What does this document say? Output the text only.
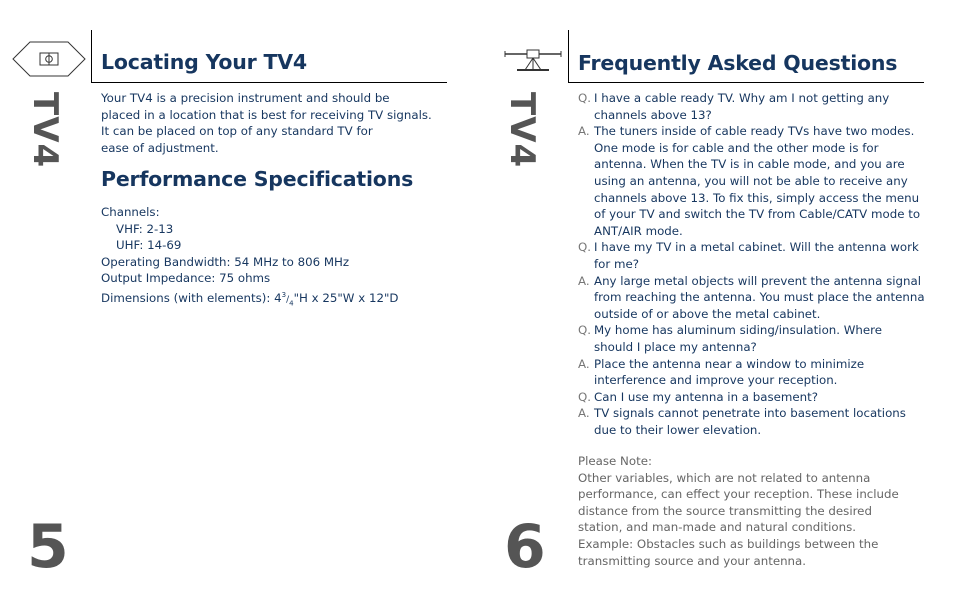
Locating Your TV4
TV4	Your TV4 is a precision instrument and should be

placed in a location that is best for receiving TV signals.

It can be placed on top of any standard TV for

ease of adjustment.

Performance Specifications

Channels:

VHF: 2-13

UHF: 14-69

Operating Bandwidth: 54 MHz to 806 MHz

Output Impedance: 75 ohms

Dimensions (with elements): $4^3/_4"H$ x 25"W x 12"D

5
Frequently Asked Questions
TV4	Q. I have a cable ready TV. Why am I not getting any
channels above 13?
A. The tuners inside of cable ready TVs have two modes.
One mode is for cable and the other mode is for
antenna. When the TV is in cable mode, and you are
using an antenna, you will not be able to receive any
channels above 13. To fix this, simply access the menu
of your TV and switch the TV from Cable/CATV mode to
ANT/AIR mode.
Q. I have my TV in a metal cabinet. Will the antenna work
for me?
A. Any large metal objects will prevent the antenna signal
from reaching the antenna. You must place the antenna
outside of or above the metal cabinet.
Q. My home has aluminum siding/insulation. Where
should I place my antenna?
A. Place the antenna near a window to minimize
interference and improve your reception.
Q. Can I use my antenna in a basement?
A. TV signals cannot penetrate into basement locations
due to their lower elevation.

Please Note:

Other variables, which are not related to antenna

performance, can effect your reception. These include

distance from the source transmitting the desired

station, and man-made and natural conditions.

Example: Obstacles such as buildings between the

transmitting source and your antenna.

6
